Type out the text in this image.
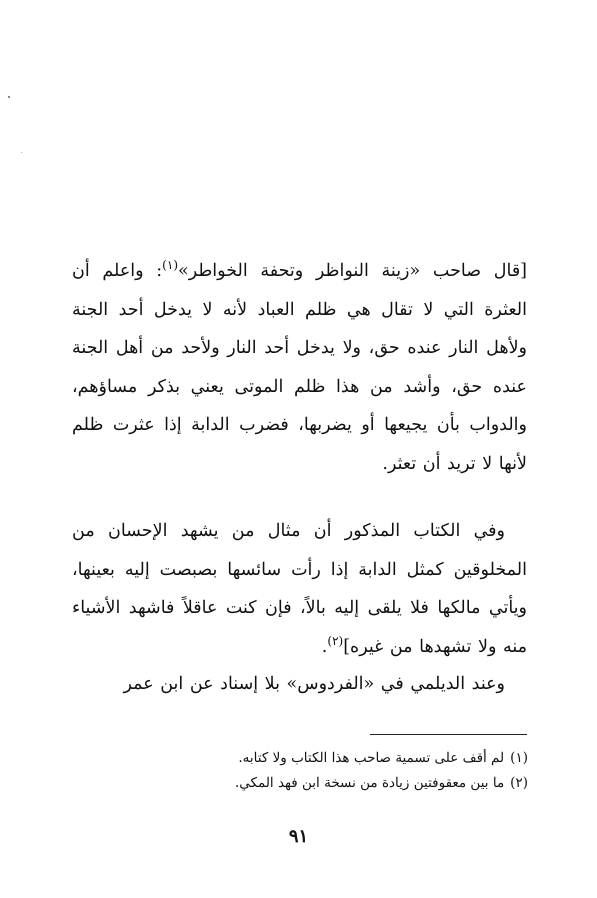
[قال صاحب «زينة النواظر وتحفة الخواطر»$^{(١)}$: واعلم أن العثرة التي لا تقال هي ظلم العباد لأنه لا يدخل أحد الجنة ولأهل النار عنده حق، ولا يدخل أحد النار ولأحد من أهل الجنة عنده حق، وأشد من هذا ظلم الموتى يعني بذكر مساؤهم، والدواب بأن يجيعها أو يضربها، فضرب الدابة إذا عثرت ظلم لأنها لا تريد أن تعثر.

وفي الكتاب المذكور أن مثال من يشهد الإحسان من المخلوقين كمثل الدابة إذا رأت سائسها بصبصت إليه بعينها، ويأتي مالكها فلا يلقى إليه بالاً، فإن كنت عاقلاً فاشهد الأشياء منه ولا تشهدها من غيره]$^{(٢)}$.

وعند الديلمي في «الفردوس» بلا إسناد عن ابن عمر

(١)لم أقف على تسمية صاحب هذا الكتاب ولا كتابه.

(٢)ما بين معقوفتين زيادة من نسخة ابن فهد المكي.

٩١
